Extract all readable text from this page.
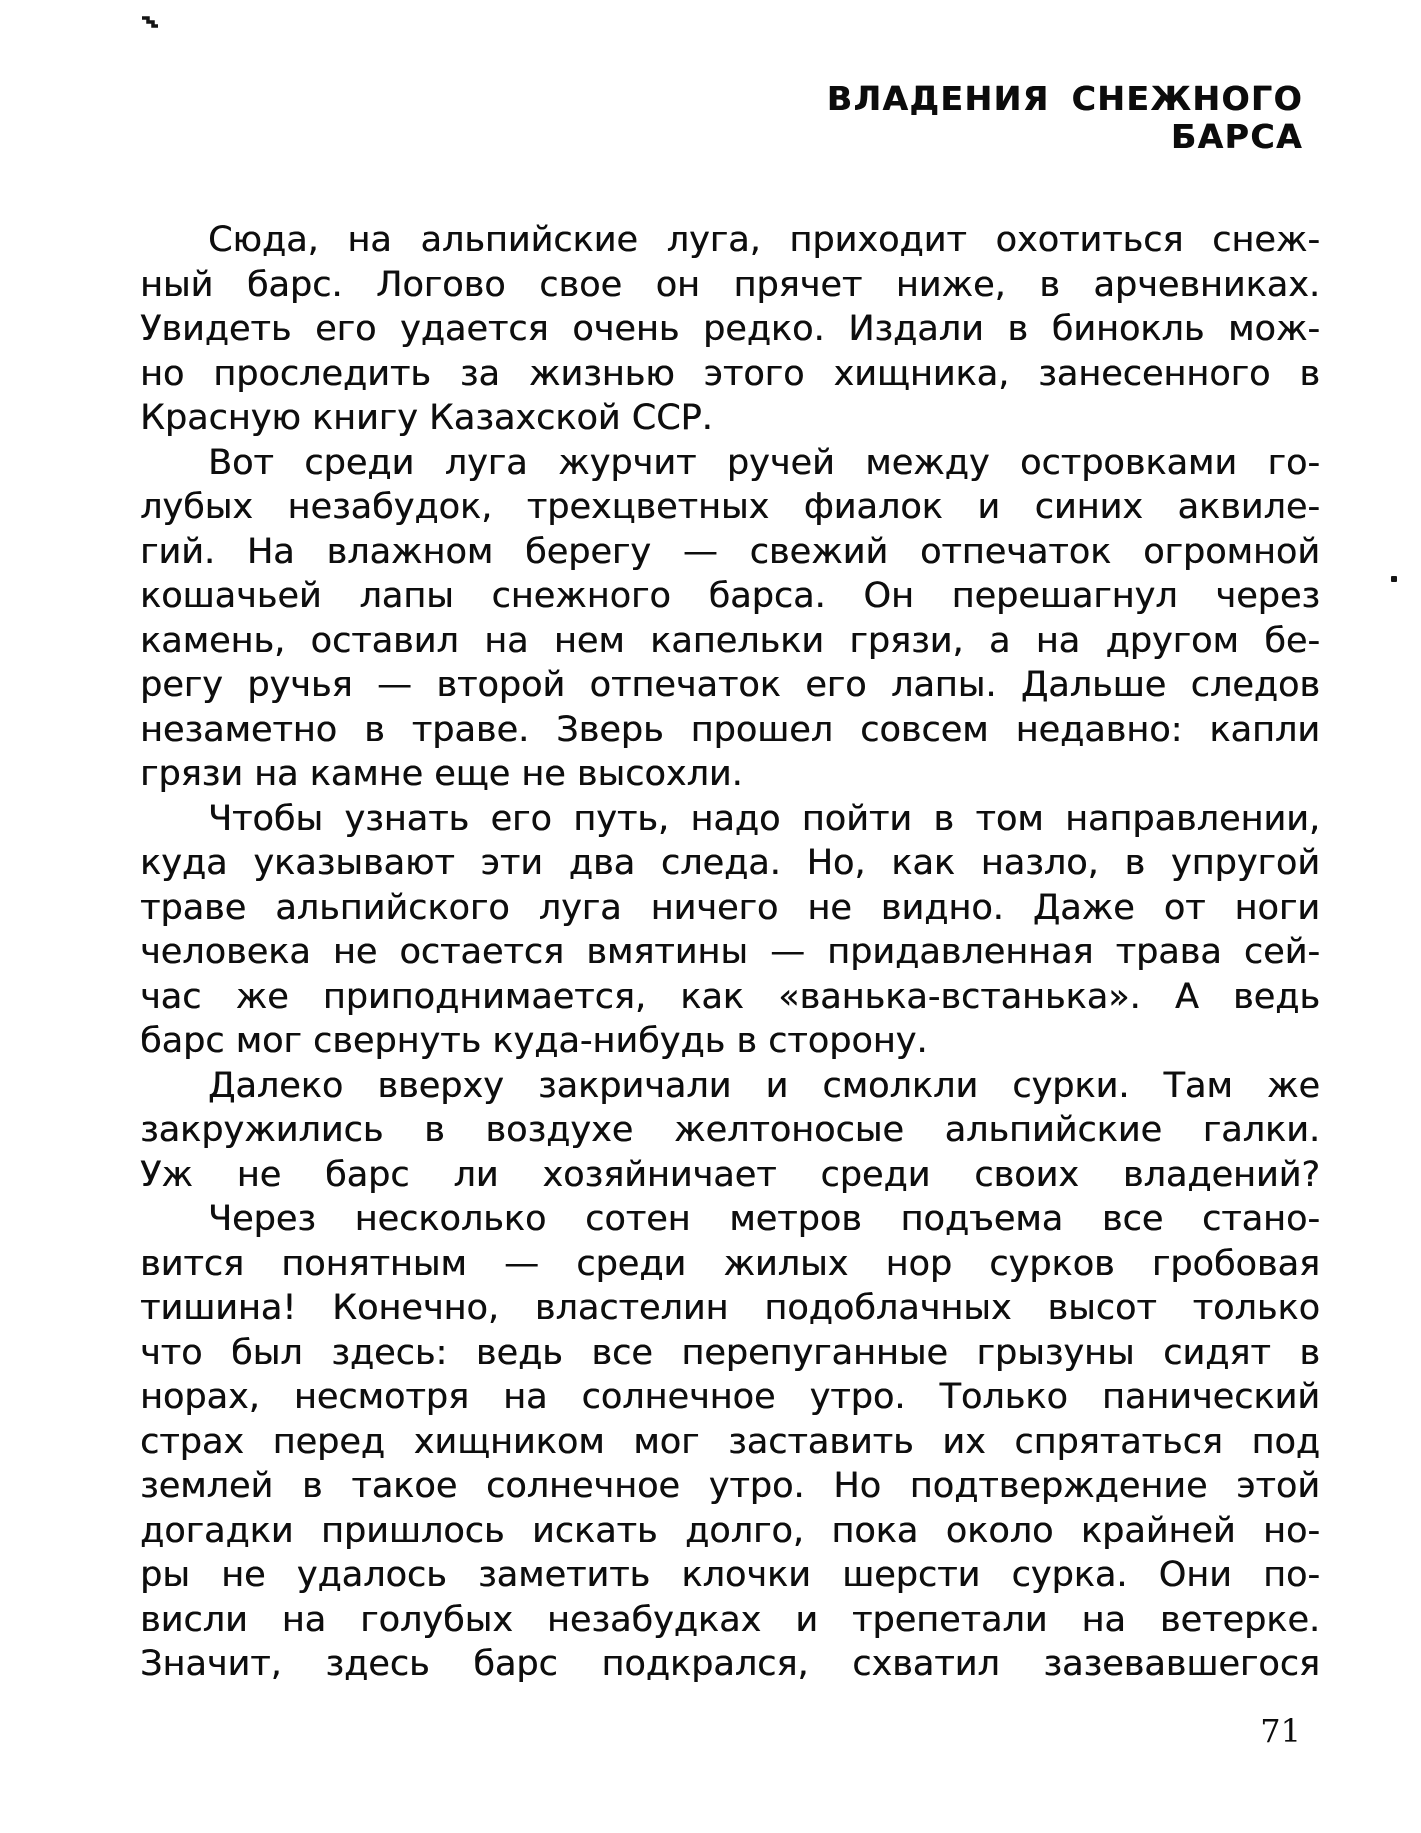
ВЛАДЕНИЯ СНЕЖНОГО
БАРСА
Сюда, на альпийские луга, приходит охотиться снеж-
ный барс. Логово свое он прячет ниже, в арчевниках.
Увидеть его удается очень редко. Издали в бинокль мож-
но проследить за жизнью этого хищника, занесенного в
Красную книгу Казахской ССР.
Вот среди луга журчит ручей между островками го-
лубых незабудок, трехцветных фиалок и синих аквиле-
гий. На влажном берегу — свежий отпечаток огромной
кошачьей лапы снежного барса. Он перешагнул через
камень, оставил на нем капельки грязи, а на другом бе-
регу ручья — второй отпечаток его лапы. Дальше следов
незаметно в траве. Зверь прошел совсем недавно: капли
грязи на камне еще не высохли.
Чтобы узнать его путь, надо пойти в том направлении,
куда указывают эти два следа. Но, как назло, в упругой
траве альпийского луга ничего не видно. Даже от ноги
человека не остается вмятины — придавленная трава сей-
час же приподнимается, как «ванька-встанька». А ведь
барс мог свернуть куда-нибудь в сторону.
Далеко вверху закричали и смолкли сурки. Там же
закружились в воздухе желтоносые альпийские галки.
Уж не барс ли хозяйничает среди своих владений?
Через несколько сотен метров подъема все стано-
вится понятным — среди жилых нор сурков гробовая
тишина! Конечно, властелин подоблачных высот только
что был здесь: ведь все перепуганные грызуны сидят в
норах, несмотря на солнечное утро. Только панический
страх перед хищником мог заставить их спрятаться под
землей в такое солнечное утро. Но подтверждение этой
догадки пришлось искать долго, пока около крайней но-
ры не удалось заметить клочки шерсти сурка. Они по-
висли на голубых незабудках и трепетали на ветерке.
Значит, здесь барс подкрался, схватил зазевавшегося
71
